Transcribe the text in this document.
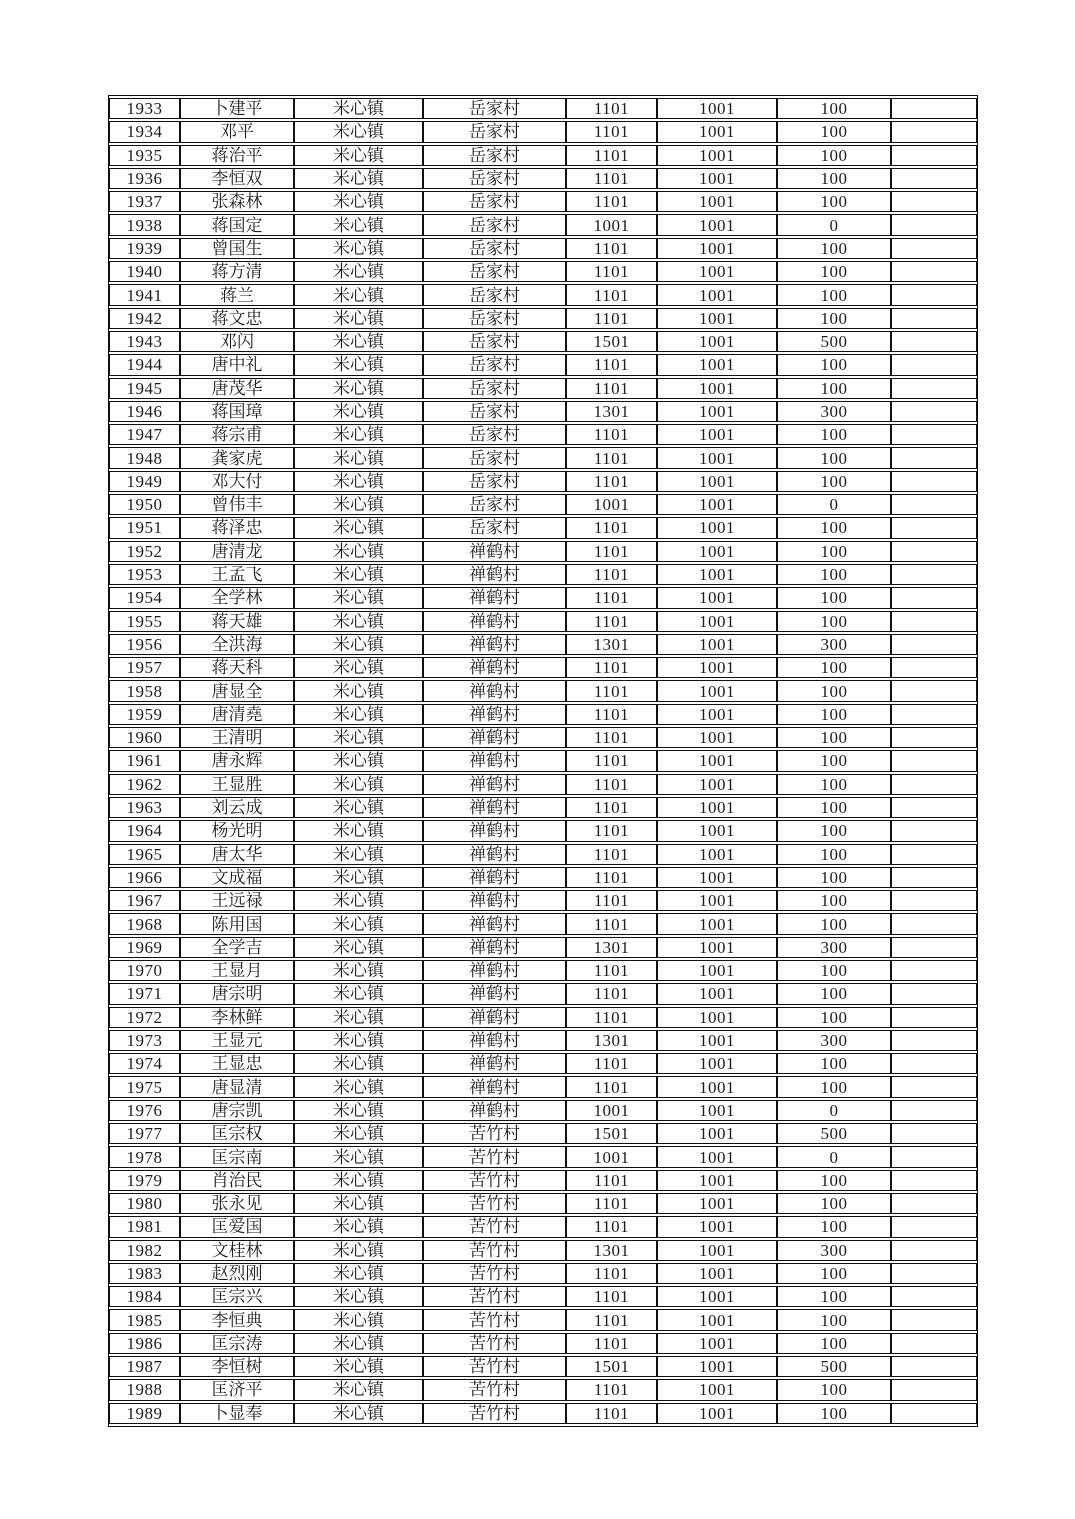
1933	卜建平	米心镇	岳家村	1101	1001	100	
1934	邓平	米心镇	岳家村	1101	1001	100	
1935	蒋治平	米心镇	岳家村	1101	1001	100	
1936	李恒双	米心镇	岳家村	1101	1001	100	
1937	张森林	米心镇	岳家村	1101	1001	100	
1938	蒋国定	米心镇	岳家村	1001	1001	0	
1939	曾国生	米心镇	岳家村	1101	1001	100	
1940	蒋方清	米心镇	岳家村	1101	1001	100	
1941	蒋兰	米心镇	岳家村	1101	1001	100	
1942	蒋文忠	米心镇	岳家村	1101	1001	100	
1943	邓闪	米心镇	岳家村	1501	1001	500	
1944	唐中礼	米心镇	岳家村	1101	1001	100	
1945	唐茂华	米心镇	岳家村	1101	1001	100	
1946	蒋国璋	米心镇	岳家村	1301	1001	300	
1947	蒋宗甫	米心镇	岳家村	1101	1001	100	
1948	龚家虎	米心镇	岳家村	1101	1001	100	
1949	邓大付	米心镇	岳家村	1101	1001	100	
1950	曾伟丰	米心镇	岳家村	1001	1001	0	
1951	蒋泽忠	米心镇	岳家村	1101	1001	100	
1952	唐清龙	米心镇	禅鹤村	1101	1001	100	
1953	王孟飞	米心镇	禅鹤村	1101	1001	100	
1954	全学林	米心镇	禅鹤村	1101	1001	100	
1955	蒋天雄	米心镇	禅鹤村	1101	1001	100	
1956	全洪海	米心镇	禅鹤村	1301	1001	300	
1957	蒋天科	米心镇	禅鹤村	1101	1001	100	
1958	唐显全	米心镇	禅鹤村	1101	1001	100	
1959	唐清堯	米心镇	禅鹤村	1101	1001	100	
1960	王清明	米心镇	禅鹤村	1101	1001	100	
1961	唐永辉	米心镇	禅鹤村	1101	1001	100	
1962	王显胜	米心镇	禅鹤村	1101	1001	100	
1963	刘云成	米心镇	禅鹤村	1101	1001	100	
1964	杨光明	米心镇	禅鹤村	1101	1001	100	
1965	唐太华	米心镇	禅鹤村	1101	1001	100	
1966	文成福	米心镇	禅鹤村	1101	1001	100	
1967	王远禄	米心镇	禅鹤村	1101	1001	100	
1968	陈用国	米心镇	禅鹤村	1101	1001	100	
1969	全学吉	米心镇	禅鹤村	1301	1001	300	
1970	王显月	米心镇	禅鹤村	1101	1001	100	
1971	唐宗明	米心镇	禅鹤村	1101	1001	100	
1972	李林鲜	米心镇	禅鹤村	1101	1001	100	
1973	王显元	米心镇	禅鹤村	1301	1001	300	
1974	王显忠	米心镇	禅鹤村	1101	1001	100	
1975	唐显清	米心镇	禅鹤村	1101	1001	100	
1976	唐宗凯	米心镇	禅鹤村	1001	1001	0	
1977	匡宗权	米心镇	苦竹村	1501	1001	500	
1978	匡宗南	米心镇	苦竹村	1001	1001	0	
1979	肖治民	米心镇	苦竹村	1101	1001	100	
1980	张永见	米心镇	苦竹村	1101	1001	100	
1981	匡爱国	米心镇	苦竹村	1101	1001	100	
1982	文桂林	米心镇	苦竹村	1301	1001	300	
1983	赵烈刚	米心镇	苦竹村	1101	1001	100	
1984	匡宗兴	米心镇	苦竹村	1101	1001	100	
1985	李恒典	米心镇	苦竹村	1101	1001	100	
1986	匡宗涛	米心镇	苦竹村	1101	1001	100	
1987	李恒树	米心镇	苦竹村	1501	1001	500	
1988	匡济平	米心镇	苦竹村	1101	1001	100	
1989	卜显奉	米心镇	苦竹村	1101	1001	100	
